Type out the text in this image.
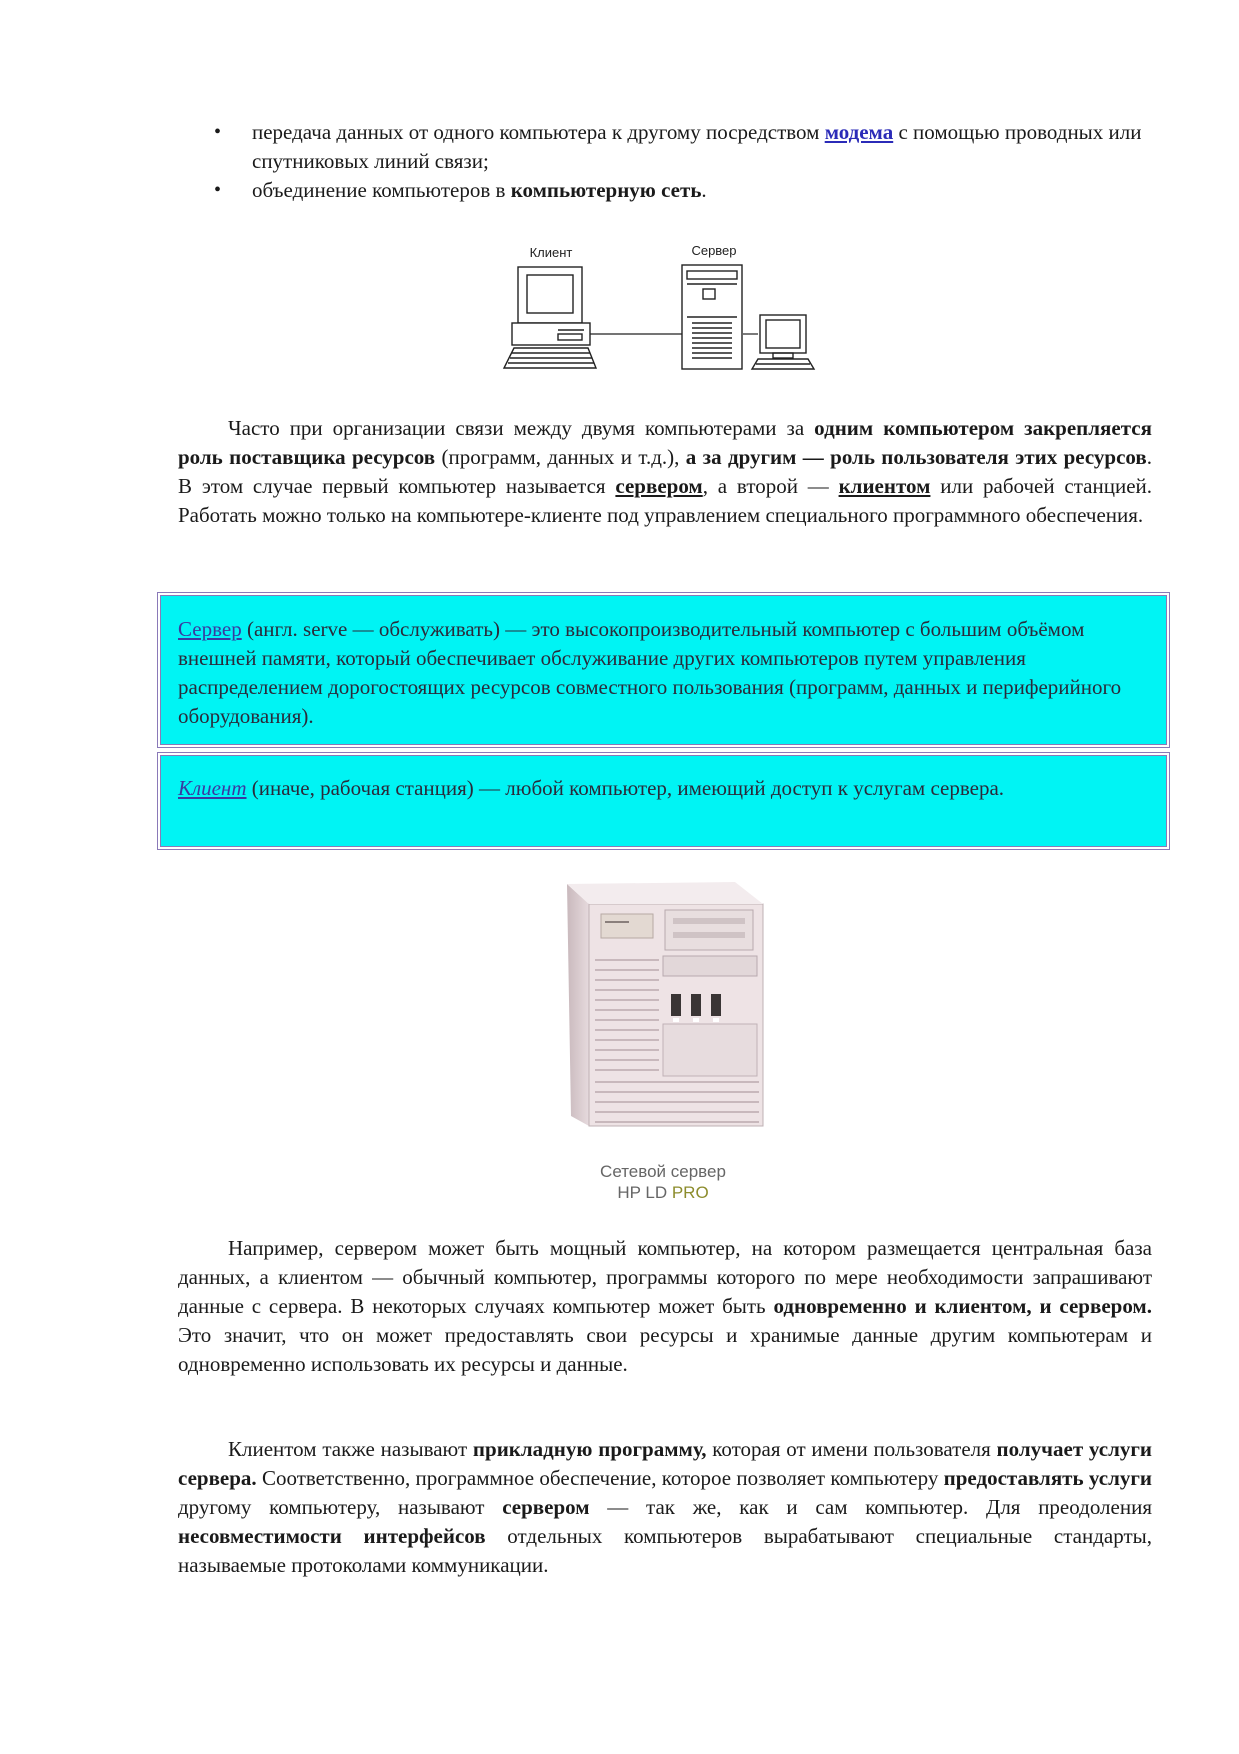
• передача данных от одного компьютера к другому посредством модема с помощью проводных или спутниковых линий связи;
• объединение компьютеров в компьютерную сеть.
Клиент	Сервер

Часто при организации связи между двумя компьютерами за одним компьютером закрепляется роль поставщика ресурсов (программ, данных и т.д.), а за другим — роль пользователя этих ресурсов. В этом случае первый компьютер называется сервером, а второй — клиентом или рабочей станцией. Работать можно только на компьютере-клиенте под управлением специального программного обеспечения.

Сервер (англ. serve — обслуживать) — это высокопроизводительный компьютер с большим объёмом внешней памяти, который обеспечивает обслуживание других компьютеров путем управления распределением дорогостоящих ресурсов совместного пользования (программ, данных и периферийного оборудования).
Клиент (иначе, рабочая станция) — любой компьютер, имеющий доступ к услугам сервера.
Сетевой сервер
HP LD PRO

Например, сервером может быть мощный компьютер, на котором размещается центральная база данных, а клиентом — обычный компьютер, программы которого по мере необходимости запрашивают данные с сервера. В некоторых случаях компьютер может быть одновременно и клиентом, и сервером. Это значит, что он может предоставлять свои ресурсы и хранимые данные другим компьютерам и одновременно использовать их ресурсы и данные.

Клиентом также называют прикладную программу, которая от имени пользователя получает услуги сервера. Соответственно, программное обеспечение, которое позволяет компьютеру предоставлять услуги другому компьютеру, называют сервером — так же, как и сам компьютер. Для преодоления несовместимости интерфейсов отдельных компьютеров вырабатывают специальные стандарты, называемые протоколами коммуникации.
